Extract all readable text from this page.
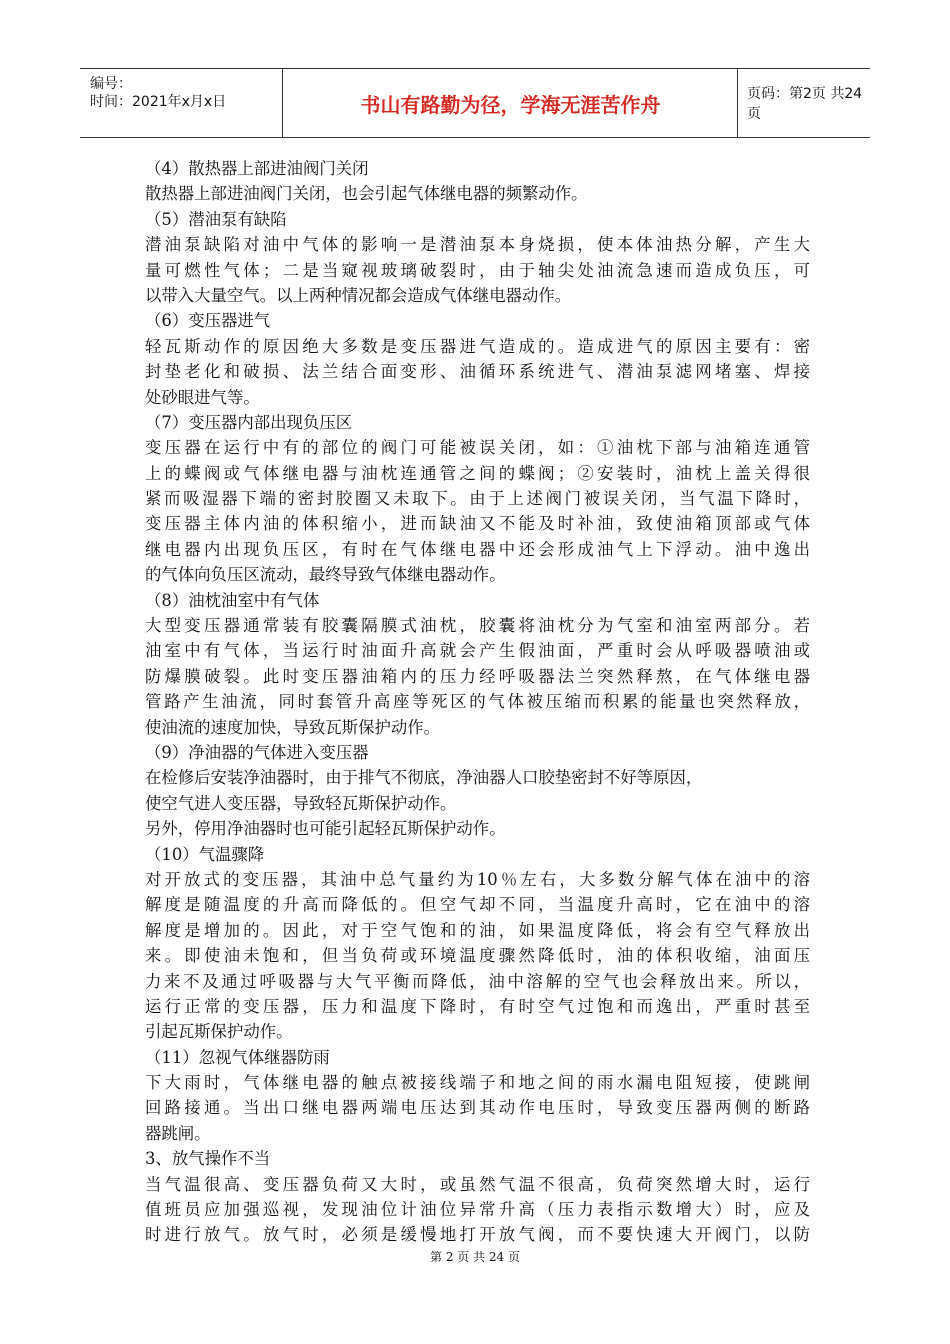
编号：
时间：2021年x月x日	书山有路勤为径，学海无涯苦作舟	页码：第2页 共24页
（4）散热器上部进油阀门关闭
散热器上部进油阀门关闭，也会引起气体继电器的频繁动作。
（5）潜油泵有缺陷
潜油泵缺陷对油中气体的影响一是潜油泵本身烧损，使本体油热分解，产生大
量可燃性气体；二是当窥视玻璃破裂时，由于轴尖处油流急速而造成负压，可
以带入大量空气。以上两种情况都会造成气体继电器动作。
（6）变压器进气
轻瓦斯动作的原因绝大多数是变压器进气造成的。造成进气的原因主要有：密
封垫老化和破损、法兰结合面变形、油循环系统进气、潜油泵滤网堵塞、焊接
处砂眼进气等。
（7）变压器内部出现负压区
变压器在运行中有的部位的阀门可能被误关闭，如：①油枕下部与油箱连通管
上的蝶阀或气体继电器与油枕连通管之间的蝶阀；②安装时，油枕上盖关得很
紧而吸湿器下端的密封胶圈又未取下。由于上述阀门被误关闭，当气温下降时，
变压器主体内油的体积缩小，进而缺油又不能及时补油，致使油箱顶部或气体
继电器内出现负压区，有时在气体继电器中还会形成油气上下浮动。油中逸出
的气体向负压区流动，最终导致气体继电器动作。
（8）油枕油室中有气体
大型变压器通常装有胶囊隔膜式油枕，胶囊将油枕分为气室和油室两部分。若
油室中有气体，当运行时油面升高就会产生假油面，严重时会从呼吸器喷油或
防爆膜破裂。此时变压器油箱内的压力经呼吸器法兰突然释熬，在气体继电器
管路产生油流，同时套管升高座等死区的气体被压缩而积累的能量也突然释放，
使油流的速度加快，导致瓦斯保护动作。
（9）净油器的气体进入变压器
在检修后安装净油器时，由于排气不彻底，净油器人口胶垫密封不好等原因，
使空气进人变压器，导致轻瓦斯保护动作。
另外，停用净油器时也可能引起轻瓦斯保护动作。
（10）气温骤降
对开放式的变压器，其油中总气量约为10％左右，大多数分解气体在油中的溶
解度是随温度的升高而降低的。但空气却不同，当温度升高时，它在油中的溶
解度是增加的。因此，对于空气饱和的油，如果温度降低，将会有空气释放出
来。即使油未饱和，但当负荷或环境温度骤然降低时，油的体积收缩，油面压
力来不及通过呼吸器与大气平衡而降低，油中溶解的空气也会释放出来。所以，
运行正常的变压器，压力和温度下降时，有时空气过饱和而逸出，严重时甚至
引起瓦斯保护动作。
（11）忽视气体继器防雨
下大雨时，气体继电器的触点被接线端子和地之间的雨水漏电阻短接，使跳闸
回路接通。当出口继电器两端电压达到其动作电压时，导致变压器两侧的断路
器跳闸。
3、放气操作不当
当气温很高、变压器负荷又大时，或虽然气温不很高，负荷突然增大时，运行
值班员应加强巡视，发现油位计油位异常升高（压力表指示数增大）时，应及
时进行放气。放气时，必须是缓慢地打开放气阀，而不要快速大开阀门，以防
第 2 页 共 24 页
